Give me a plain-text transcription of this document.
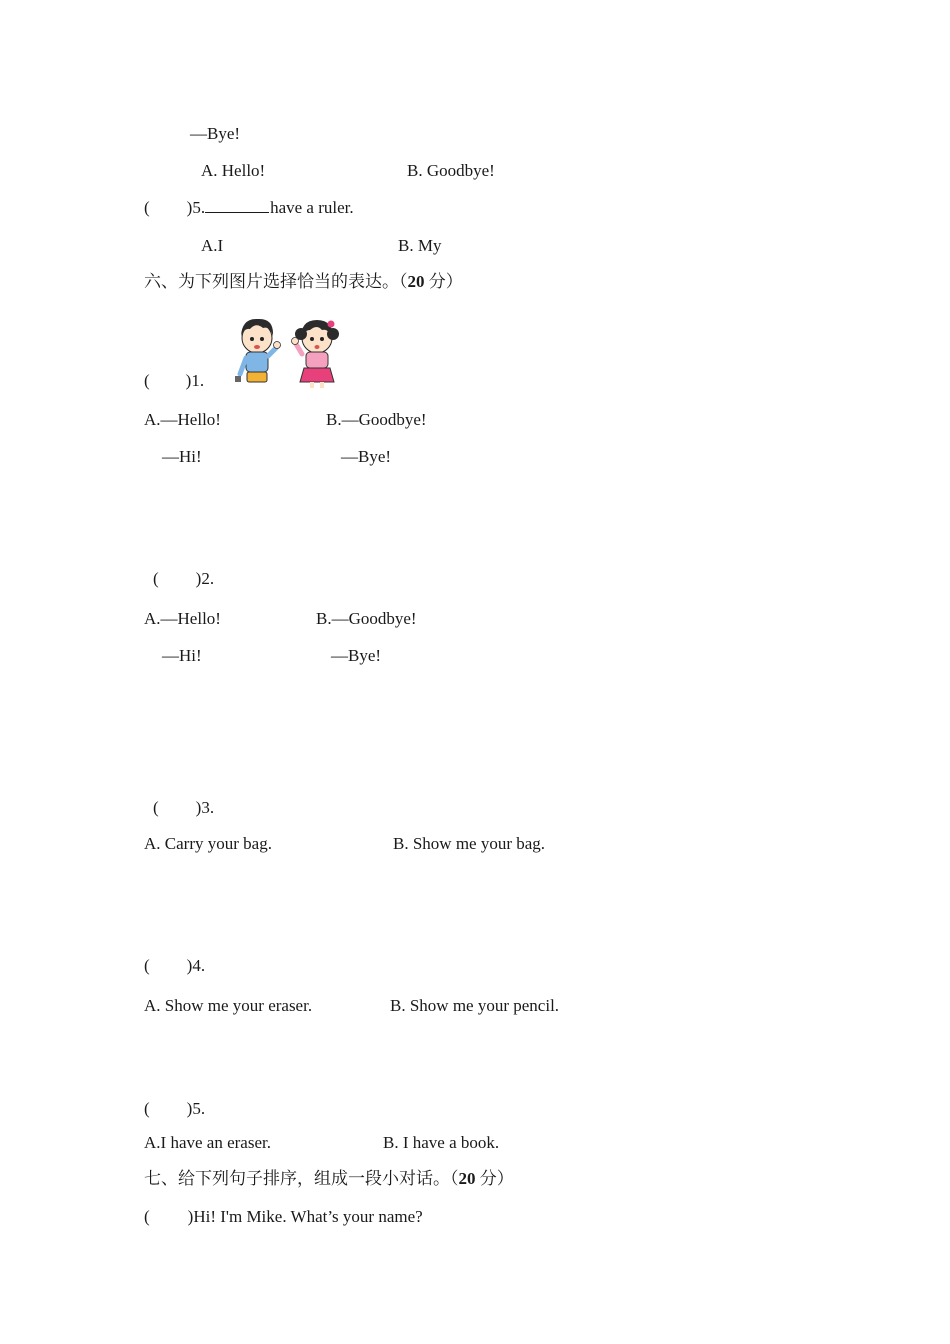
—Bye!
A. Hello!	B. Goodbye!
( )5.	have a ruler.
A.I	B. My
六、为下列图片选择恰当的表达。（20 分）
( )1.
A.—Hello!	B.—Goodbye!
—Hi!	—Bye!
( )2.
A.—Hello!	B.—Goodbye!
—Hi!	—Bye!
( )3.
A. Carry your bag.	B. Show me your bag.
( )4.
A. Show me your eraser.	B. Show me your pencil.
( )5.
A.I have an eraser.	B. I have a book.
七、给下列句子排序，组成一段小对话。（20 分）
( )Hi! I'm Mike. What’s your name?
